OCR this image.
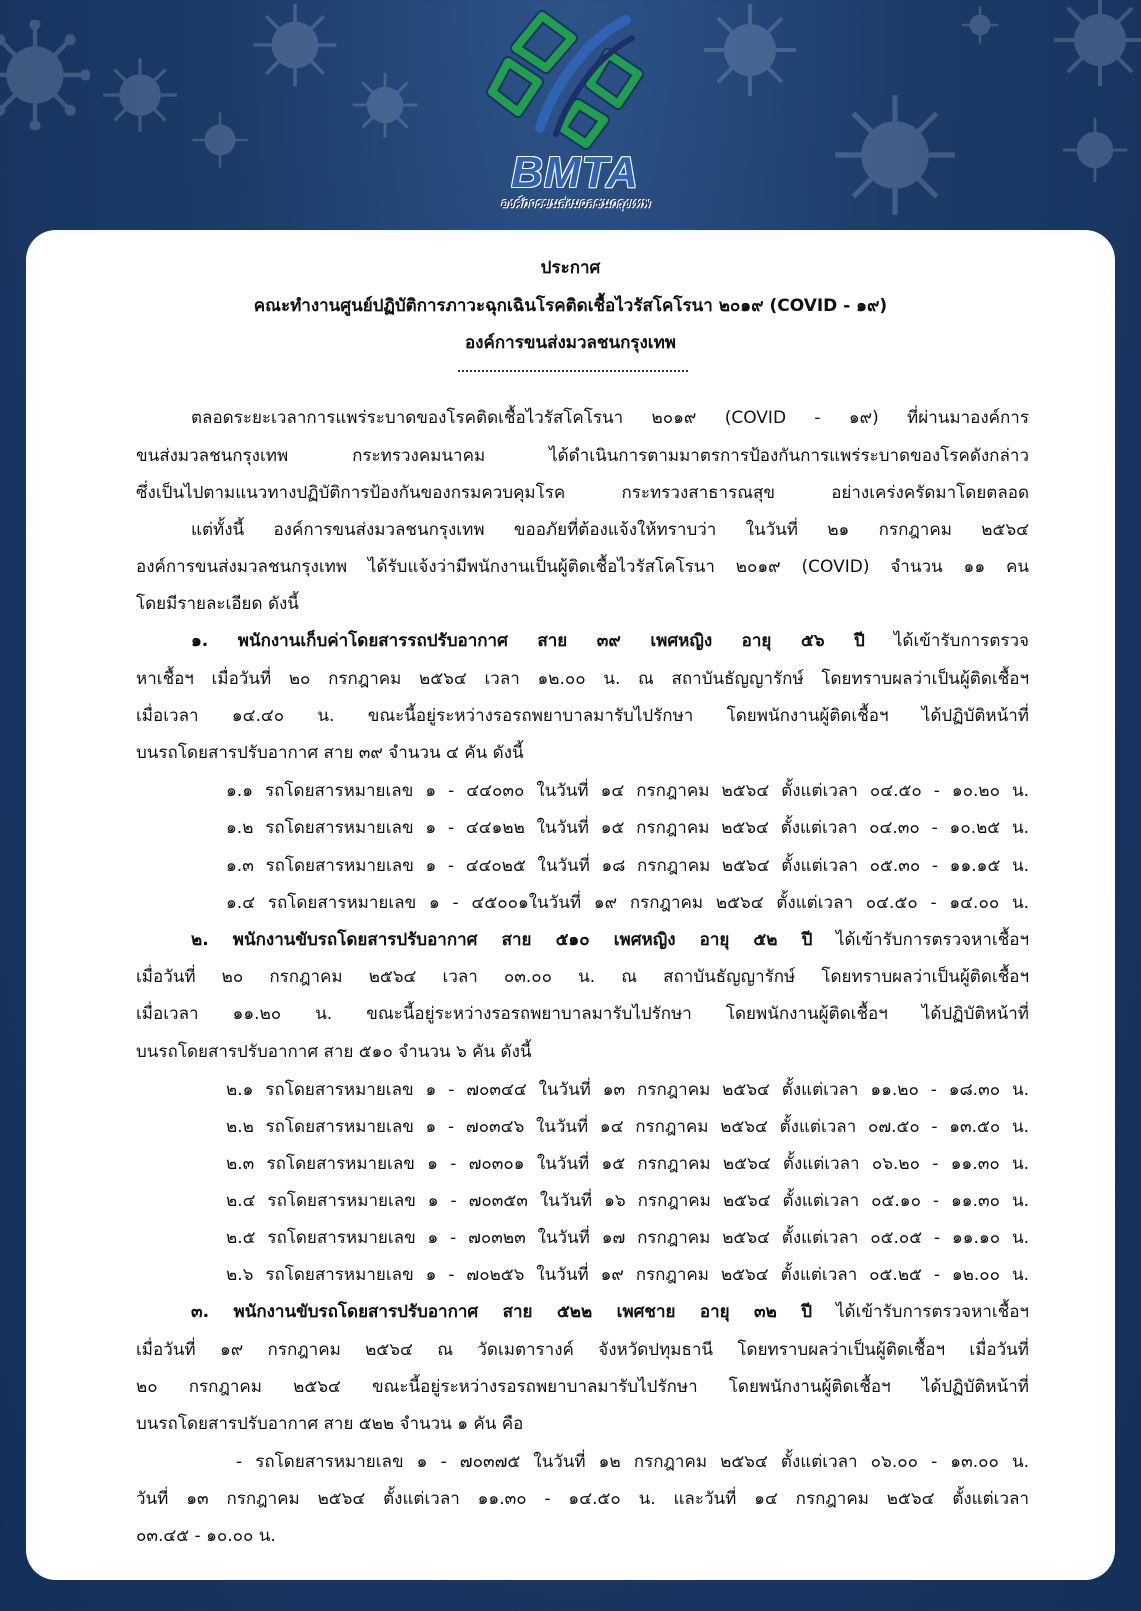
BMTA
องค์การขนส่งมวลชนกรุงเทพ
ประกาศ
คณะทำงานศูนย์ปฏิบัติการภาวะฉุกเฉินโรคติดเชื้อไวรัสโคโรนา ๒๐๑๙ (COVID - ๑๙)
องค์การขนส่งมวลชนกรุงเทพ
ตลอดระยะเวลาการแพร่ระบาดของโรคติดเชื้อไวรัสโคโรนา ๒๐๑๙ (COVID - ๑๙) ที่ผ่านมาองค์การ
ขนส่งมวลชนกรุงเทพ กระทรวงคมนาคม ได้ดำเนินการตามมาตรการป้องกันการแพร่ระบาดของโรคดังกล่าว
ซึ่งเป็นไปตามแนวทางปฏิบัติการป้องกันของกรมควบคุมโรค กระทรวงสาธารณสุข อย่างเคร่งครัดมาโดยตลอด
แต่ทั้งนี้ องค์การขนส่งมวลชนกรุงเทพ ขออภัยที่ต้องแจ้งให้ทราบว่า ในวันที่ ๒๑ กรกฎาคม ๒๕๖๔
องค์การขนส่งมวลชนกรุงเทพ ได้รับแจ้งว่ามีพนักงานเป็นผู้ติดเชื้อไวรัสโคโรนา ๒๐๑๙ (COVID) จำนวน ๑๑ คน
โดยมีรายละเอียด ดังนี้
๑. พนักงานเก็บค่าโดยสารรถปรับอากาศ สาย ๓๙ เพศหญิง อายุ ๕๖ ปี ได้เข้ารับการตรวจ
หาเชื้อฯ เมื่อวันที่ ๒๐ กรกฎาคม ๒๕๖๔ เวลา ๑๒.๐๐ น. ณ สถาบันธัญญารักษ์ โดยทราบผลว่าเป็นผู้ติดเชื้อฯ
เมื่อเวลา ๑๔.๔๐ น. ขณะนี้อยู่ระหว่างรอรถพยาบาลมารับไปรักษา โดยพนักงานผู้ติดเชื้อฯ ได้ปฏิบัติหน้าที่
บนรถโดยสารปรับอากาศ สาย ๓๙ จำนวน ๔ คัน ดังนี้
๑.๑ รถโดยสารหมายเลข ๑ - ๔๔๐๓๐ ในวันที่ ๑๔ กรกฎาคม ๒๕๖๔ ตั้งแต่เวลา ๐๔.๕๐ - ๑๐.๒๐ น.
๑.๒ รถโดยสารหมายเลข ๑ - ๔๔๑๒๒ ในวันที่ ๑๕ กรกฎาคม ๒๕๖๔ ตั้งแต่เวลา ๐๔.๓๐ - ๑๐.๒๕ น.
๑.๓ รถโดยสารหมายเลข ๑ - ๔๔๐๒๕ ในวันที่ ๑๘ กรกฎาคม ๒๕๖๔ ตั้งแต่เวลา ๐๕.๓๐ - ๑๑.๑๕ น.
๑.๔ รถโดยสารหมายเลข ๑ - ๔๕๐๐๑ในวันที่ ๑๙ กรกฎาคม ๒๕๖๔ ตั้งแต่เวลา ๐๔.๕๐ - ๑๔.๐๐ น.
๒. พนักงานขับรถโดยสารปรับอากาศ สาย ๕๑๐ เพศหญิง อายุ ๕๒ ปี ได้เข้ารับการตรวจหาเชื้อฯ
เมื่อวันที่ ๒๐ กรกฎาคม ๒๕๖๔ เวลา ๐๓.๐๐ น. ณ สถาบันธัญญารักษ์ โดยทราบผลว่าเป็นผู้ติดเชื้อฯ
เมื่อเวลา ๑๑.๒๐ น. ขณะนี้อยู่ระหว่างรอรถพยาบาลมารับไปรักษา โดยพนักงานผู้ติดเชื้อฯ ได้ปฏิบัติหน้าที่
บนรถโดยสารปรับอากาศ สาย ๕๑๐ จำนวน ๖ คัน ดังนี้
๒.๑ รถโดยสารหมายเลข ๑ - ๗๐๓๔๔ ในวันที่ ๑๓ กรกฎาคม ๒๕๖๔ ตั้งแต่เวลา ๑๑.๒๐ - ๑๘.๓๐ น.
๒.๒ รถโดยสารหมายเลข ๑ - ๗๐๓๔๖ ในวันที่ ๑๔ กรกฎาคม ๒๕๖๔ ตั้งแต่เวลา ๐๗.๕๐ - ๑๓.๕๐ น.
๒.๓ รถโดยสารหมายเลข ๑ - ๗๐๓๐๑ ในวันที่ ๑๕ กรกฎาคม ๒๕๖๔ ตั้งแต่เวลา ๐๖.๒๐ - ๑๑.๓๐ น.
๒.๔ รถโดยสารหมายเลข ๑ - ๗๐๓๕๓ ในวันที่ ๑๖ กรกฎาคม ๒๕๖๔ ตั้งแต่เวลา ๐๕.๑๐ - ๑๑.๓๐ น.
๒.๕ รถโดยสารหมายเลข ๑ - ๗๐๓๒๓ ในวันที่ ๑๗ กรกฎาคม ๒๕๖๔ ตั้งแต่เวลา ๐๕.๐๕ - ๑๑.๑๐ น.
๒.๖ รถโดยสารหมายเลข ๑ - ๗๐๒๕๖ ในวันที่ ๑๙ กรกฎาคม ๒๕๖๔ ตั้งแต่เวลา ๐๕.๒๕ - ๑๒.๐๐ น.
๓. พนักงานขับรถโดยสารปรับอากาศ สาย ๕๒๒ เพศชาย อายุ ๓๒ ปี ได้เข้ารับการตรวจหาเชื้อฯ
เมื่อวันที่ ๑๙ กรกฎาคม ๒๕๖๔ ณ วัดเมตารางค์ จังหวัดปทุมธานี โดยทราบผลว่าเป็นผู้ติดเชื้อฯ เมื่อวันที่
๒๐ กรกฎาคม ๒๕๖๔ ขณะนี้อยู่ระหว่างรอรถพยาบาลมารับไปรักษา โดยพนักงานผู้ติดเชื้อฯ ได้ปฏิบัติหน้าที่
บนรถโดยสารปรับอากาศ สาย ๕๒๒ จำนวน ๑ คัน คือ
- รถโดยสารหมายเลข ๑ - ๗๐๓๗๕ ในวันที่ ๑๒ กรกฎาคม ๒๕๖๔ ตั้งแต่เวลา ๐๖.๐๐ - ๑๓.๐๐ น.
วันที่ ๑๓ กรกฎาคม ๒๕๖๔ ตั้งแต่เวลา ๑๑.๓๐ - ๑๔.๕๐ น. และวันที่ ๑๔ กรกฎาคม ๒๕๖๔ ตั้งแต่เวลา
๐๓.๔๕ - ๑๐.๐๐ น.
